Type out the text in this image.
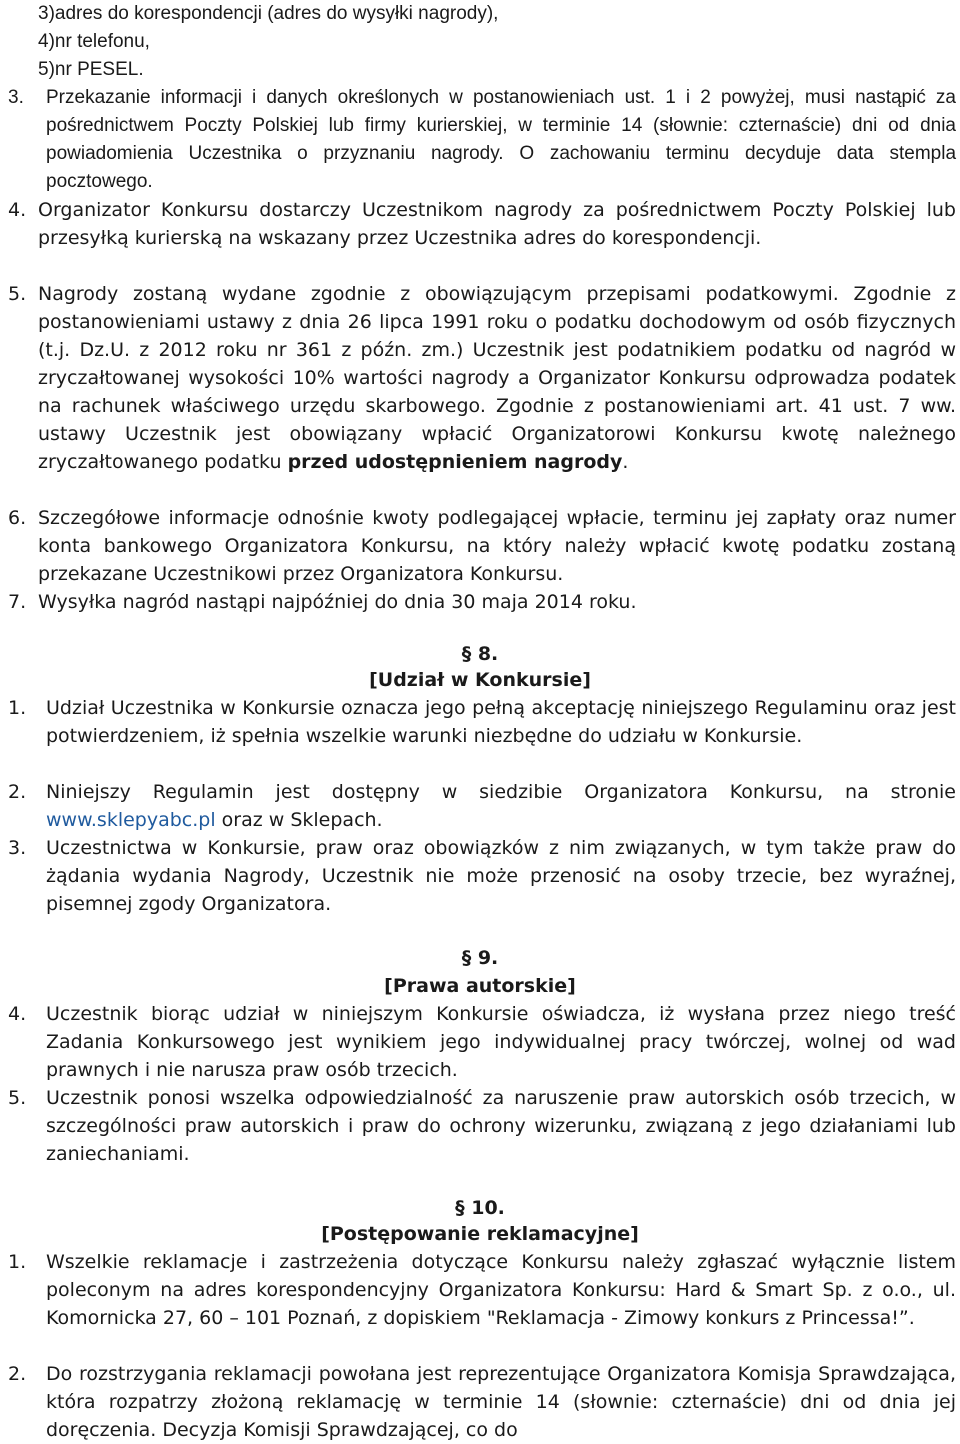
3)adres do korespondencji (adres do wysyłki nagrody),
4)nr telefonu,
5)nr PESEL.
3. Przekazanie informacji i danych określonych w postanowieniach ust. 1 i 2 powyżej, musi nastąpić za pośrednictwem Poczty Polskiej lub firmy kurierskiej, w terminie 14 (słownie: czternaście) dni od dnia powiadomienia Uczestnika o przyznaniu nagrody. O zachowaniu terminu decyduje data stempla pocztowego.
4. Organizator Konkursu dostarczy Uczestnikom nagrody za pośrednictwem Poczty Polskiej lub przesyłką kurierską na wskazany przez Uczestnika adres do korespondencji.
5. Nagrody zostaną wydane zgodnie z obowiązującym przepisami podatkowymi. Zgodnie z postanowieniami ustawy z dnia 26 lipca 1991 roku o podatku dochodowym od osób fizycznych (t.j. Dz.U. z 2012 roku nr 361 z późn. zm.) Uczestnik jest podatnikiem podatku od nagród w zryczałtowanej wysokości 10% wartości nagrody a Organizator Konkursu odprowadza podatek na rachunek właściwego urzędu skarbowego. Zgodnie z postanowieniami art. 41 ust. 7 ww. ustawy Uczestnik jest obowiązany wpłacić Organizatorowi Konkursu kwotę należnego zryczałtowanego podatku przed udostępnieniem nagrody.
6. Szczegółowe informacje odnośnie kwoty podlegającej wpłacie, terminu jej zapłaty oraz numer konta bankowego Organizatora Konkursu, na który należy wpłacić kwotę podatku zostaną przekazane Uczestnikowi przez Organizatora Konkursu.
7. Wysyłka nagród nastąpi najpóźniej do dnia 30 maja 2014 roku.
§ 8.
[Udział w Konkursie]
1. Udział Uczestnika w Konkursie oznacza jego pełną akceptację niniejszego Regulaminu oraz jest potwierdzeniem, iż spełnia wszelkie warunki niezbędne do udziału w Konkursie.
2. Niniejszy Regulamin jest dostępny w siedzibie Organizatora Konkursu, na stronie www.sklepyabc.pl oraz w Sklepach.
3. Uczestnictwa w Konkursie, praw oraz obowiązków z nim związanych, w tym także praw do żądania wydania Nagrody, Uczestnik nie może przenosić na osoby trzecie, bez wyraźnej, pisemnej zgody Organizatora.
§ 9.
[Prawa autorskie]
4. Uczestnik biorąc udział w niniejszym Konkursie oświadcza, iż wysłana przez niego treść Zadania Konkursowego jest wynikiem jego indywidualnej pracy twórczej, wolnej od wad prawnych i nie narusza praw osób trzecich.
5. Uczestnik ponosi wszelka odpowiedzialność za naruszenie praw autorskich osób trzecich, w szczególności praw autorskich i praw do ochrony wizerunku, związaną z jego działaniami lub zaniechaniami.
§ 10.
[Postępowanie reklamacyjne]
1. Wszelkie reklamacje i zastrzeżenia dotyczące Konkursu należy zgłaszać wyłącznie listem poleconym na adres korespondencyjny Organizatora Konkursu: Hard & Smart Sp. z o.o., ul. Komornicka 27, 60 – 101 Poznań, z dopiskiem "Reklamacja - Zimowy konkurs z Princessa!”.
2. Do rozstrzygania reklamacji powołana jest reprezentujące Organizatora Komisja Sprawdzająca, która rozpatrzy złożoną reklamację w terminie 14 (słownie: czternaście) dni od dnia jej doręczenia. Decyzja Komisji Sprawdzającej, co do
